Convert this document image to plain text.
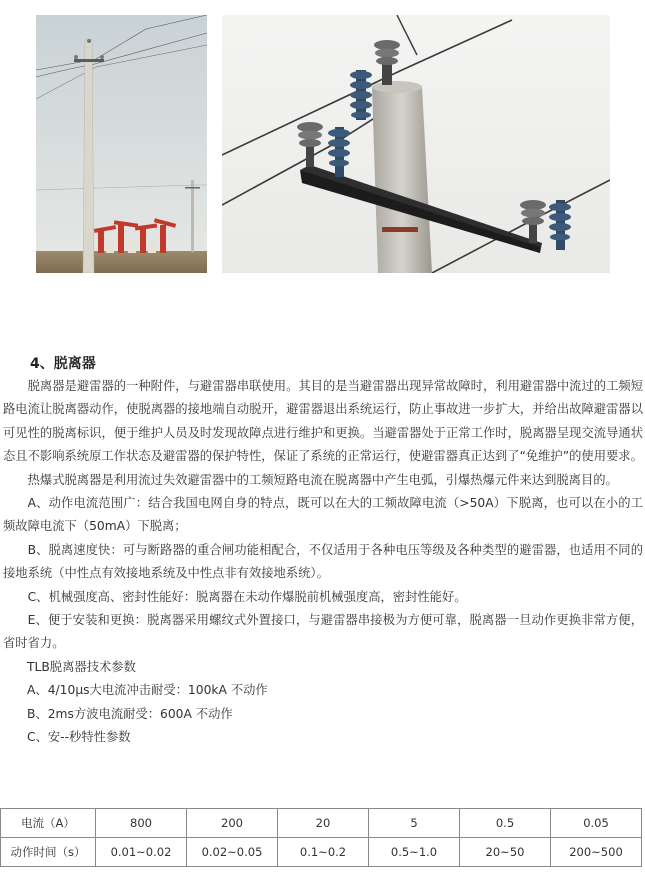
4、脱离器

脱离器是避雷器的一种附件，与避雷器串联使用。其目的是当避雷器出现异常故障时，利用避雷器中流过的工频短路电流让脱离器动作，使脱离器的接地端自动脱开，避雷器退出系统运行，防止事故进一步扩大，并给出故障避雷器以可见性的脱离标识，便于维护人员及时发现故障点进行维护和更换。当避雷器处于正常工作时，脱离器呈现交流导通状态且不影响系统原工作状态及避雷器的保护特性，保证了系统的正常运行，使避雷器真正达到了“免维护”的使用要求。

热爆式脱离器是利用流过失效避雷器中的工频短路电流在脱离器中产生电弧，引爆热爆元件来达到脱离目的。

A、动作电流范围广：结合我国电网自身的特点，既可以在大的工频故障电流（>50A）下脱离，也可以在小的工频故障电流下（50mA）下脱离；

B、脱离速度快：可与断路器的重合闸功能相配合，不仅适用于各种电压等级及各种类型的避雷器，也适用不同的接地系统（中性点有效接地系统及中性点非有效接地系统）。

C、机械强度高、密封性能好：脱离器在未动作爆脱前机械强度高，密封性能好。

E、便于安装和更换：脱离器采用螺纹式外置接口，与避雷器串接极为方便可靠，脱离器一旦动作更换非常方便，省时省力。

TLB脱离器技术参数

A、4/10μs大电流冲击耐受：100kA 不动作

B、2ms方波电流耐受：600A 不动作

C、安--秒特性参数

电流（A）	800	200	20	5	0.5	0.05
动作时间（s）	0.01~0.02	0.02~0.05	0.1~0.2	0.5~1.0	20~50	200~500
